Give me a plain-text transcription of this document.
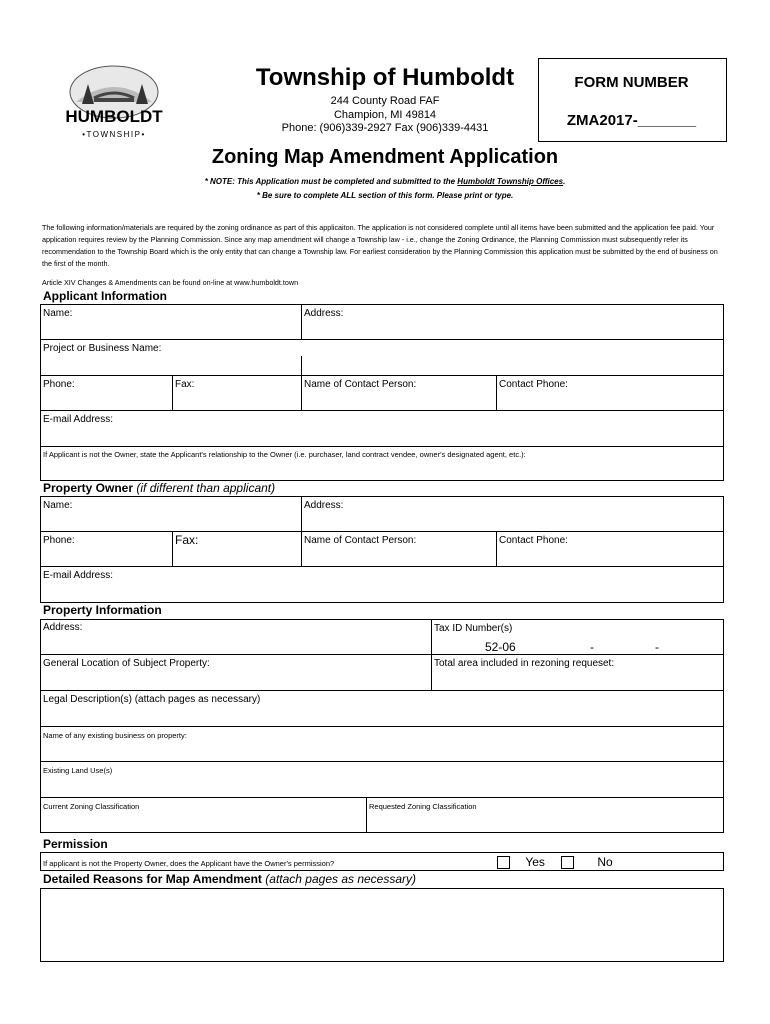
HUMBOLDT
•TOWNSHIP•
Township of Humboldt
244 County Road FAF
Champion, MI 49814
Phone: (906)339-2927 Fax (906)339-4431
FORM NUMBER
ZMA2017-_______
Zoning Map Amendment Application
* NOTE: This Application must be completed and submitted to the Humboldt Township Offices.
* Be sure to complete ALL section of this form. Please print or type.
The following information/materials are required by the zoning ordinance as part of this applicaiton. The application is not considered complete until all items have been submitted and the application fee paid. Your application requires review by the Planning Commission. Since any map amendment will change a Township law - i.e., change the Zoning Ordinance, the Planning Commission must subsequently refer its recommendation to the Township Board which is the only entity that can change a Township law. For earliest consideration by the Planning Commission this application must be submitted by the end of business on the first of the month.
Article XIV Changes & Amendments can be found on-line at www.humboldt.town
Applicant Information
Name:	Address:
Project or Business Name:
Phone:	Fax:	Name of Contact Person:	Contact Phone:
E-mail Address:
If Applicant is not the Owner, state the Applicant's relationship to the Owner (i.e. purchaser, land contract vendee, owner's designated agent, etc.):
Property Owner (if different than applicant)
Name:	Address:
Phone:	Fax:	Name of Contact Person:	Contact Phone:
E-mail Address:
Property Information
Address:	Tax ID Number(s)
52-06	-	-
General Location of Subject Property:	Total area included in rezoning requeset:
Legal Description(s) (attach pages as necessary)
Name of any existing business on property:
Existing Land Use(s)
Current Zoning Classification	Requested Zoning Classification
Permission
If applicant is not the Property Owner, does the Applicant have the Owner's permission?	Yes	No
Detailed Reasons for Map Amendment (attach pages as necessary)
